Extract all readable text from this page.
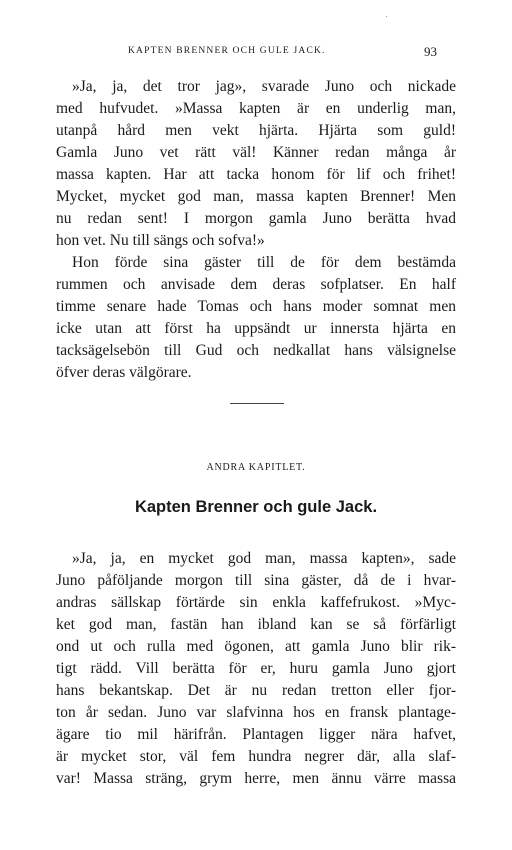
KAPTEN BRENNER OCH GULE JACK.	93
»Ja, ja, det tror jag», svarade Juno och nickade
med hufvudet. »Massa kapten är en underlig man,
utanpå hård men vekt hjärta. Hjärta som guld!
Gamla Juno vet rätt väl! Känner redan många år
massa kapten. Har att tacka honom för lif och frihet!
Mycket, mycket god man, massa kapten Brenner! Men
nu redan sent! I morgon gamla Juno berätta hvad
hon vet. Nu till sängs och sofva!»
Hon förde sina gäster till de för dem bestämda
rummen och anvisade dem deras sofplatser. En half
timme senare hade Tomas och hans moder somnat men
icke utan att först ha uppsändt ur innersta hjärta en
tacksägelsebön till Gud och nedkallat hans välsignelse
öfver deras välgörare.
ANDRA KAPITLET.
Kapten Brenner och gule Jack.
»Ja, ja, en mycket god man, massa kapten», sade
Juno påföljande morgon till sina gäster, då de i hvar-
andras sällskap förtärde sin enkla kaffefrukost. »Myc-
ket god man, fastän han ibland kan se så förfärligt
ond ut och rulla med ögonen, att gamla Juno blir rik-
tigt rädd. Vill berätta för er, huru gamla Juno gjort
hans bekantskap. Det är nu redan tretton eller fjor-
ton år sedan. Juno var slafvinna hos en fransk plantage-
ägare tio mil härifrån. Plantagen ligger nära hafvet,
är mycket stor, väl fem hundra negrer där, alla slaf-
var! Massa sträng, grym herre, men ännu värre massa
